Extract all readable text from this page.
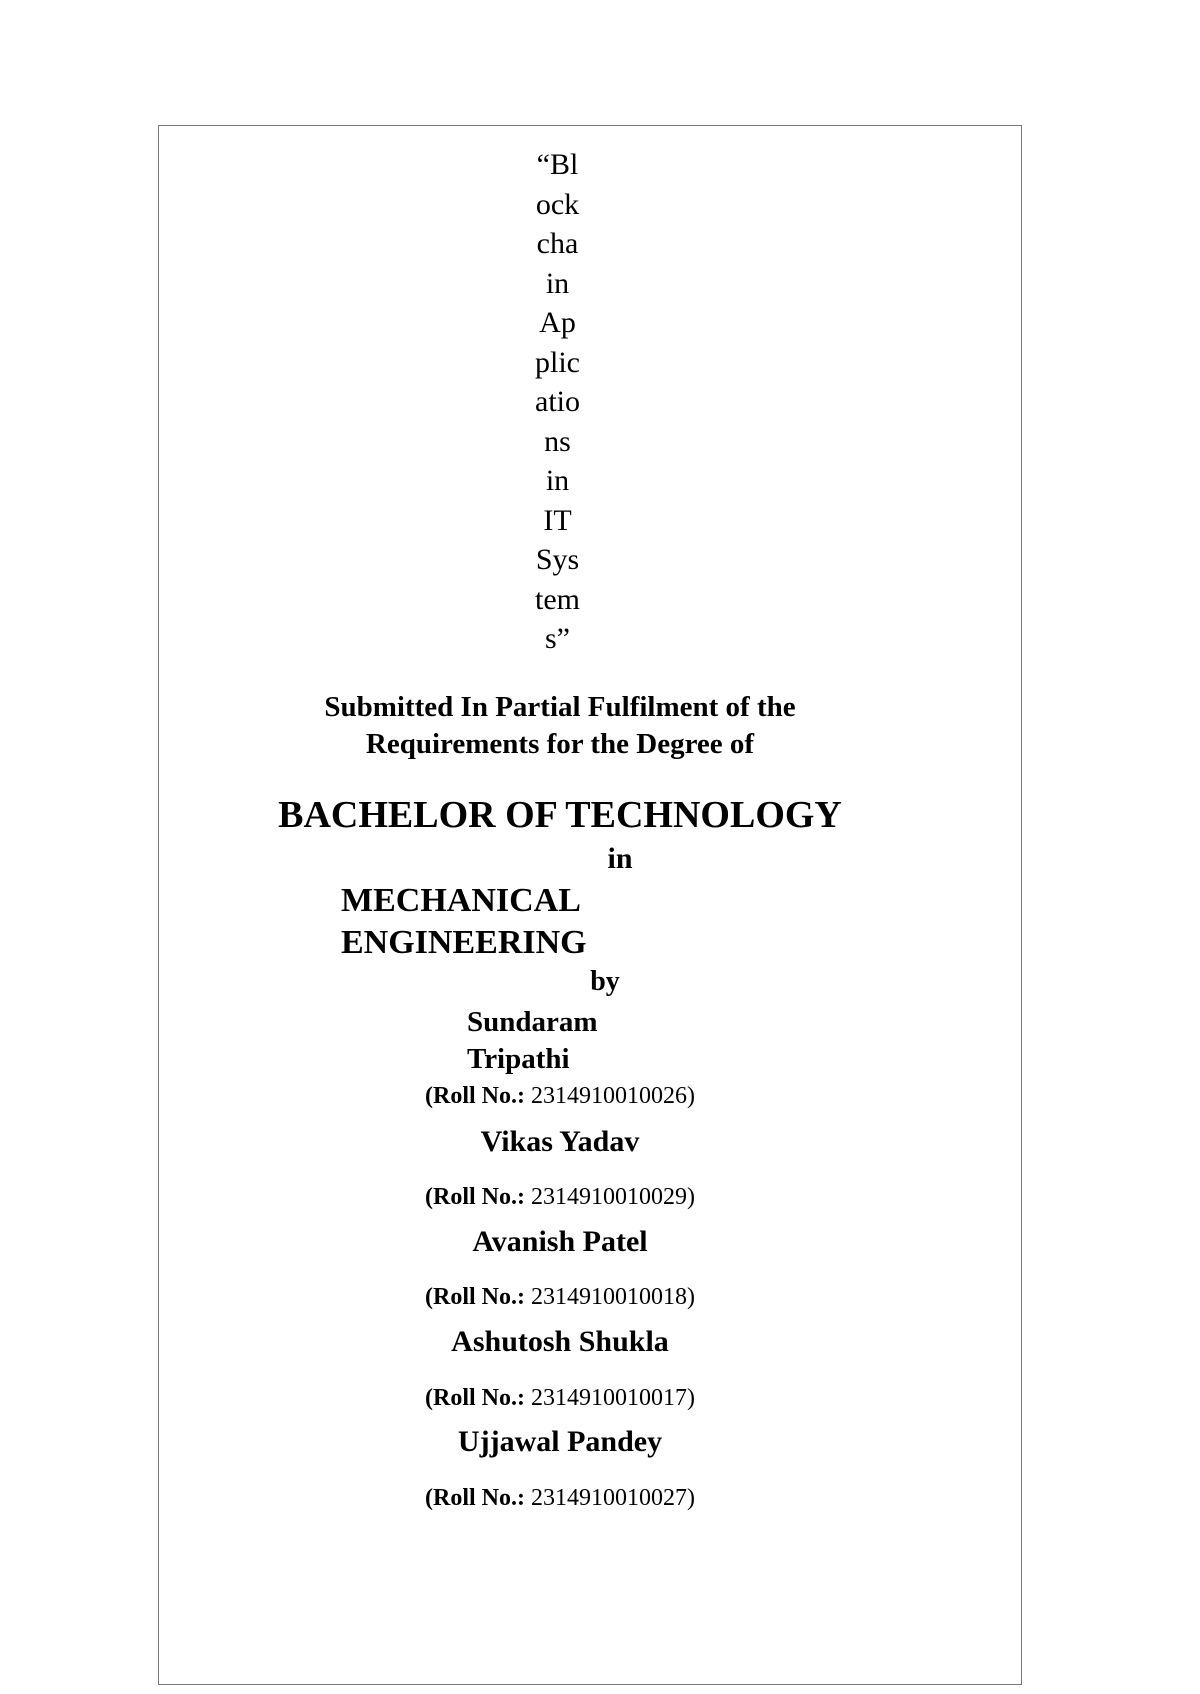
“Bl
ock
cha
in
Ap
plic
atio
ns
in
IT
Sys
tem
s”
Submitted In Partial Fulfilment of the
Requirements for the Degree of
BACHELOR OF TECHNOLOGY
in
MECHANICAL
ENGINEERING
by
Sundaram
Tripathi
(Roll No.: 2314910010026)
Vikas Yadav
(Roll No.: 2314910010029)
Avanish Patel
(Roll No.: 2314910010018)
Ashutosh Shukla
(Roll No.: 2314910010017)
Ujjawal Pandey
(Roll No.: 2314910010027)
